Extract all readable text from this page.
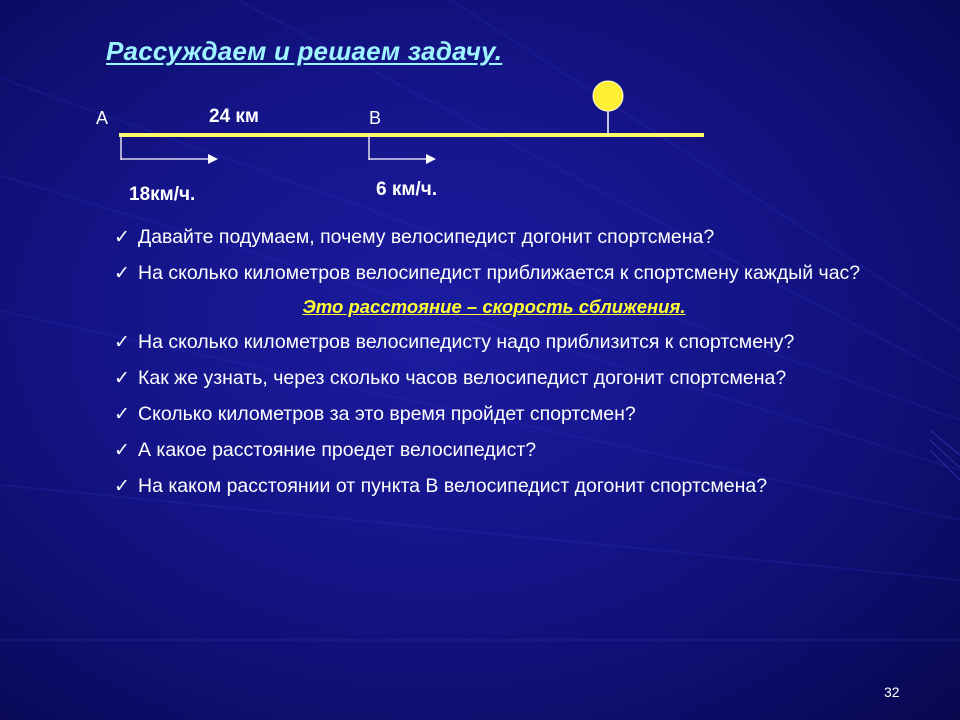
Рассуждаем и решаем задачу.
А	В
24 км
18км/ч.	6 км/ч.
✓ Давайте подумаем, почему велосипедист догонит спортсмена?
✓ На сколько километров велосипедист приближается к спортсмену каждый час?
Это расстояние – скорость сближения.
✓ На сколько километров велосипедисту надо приблизится к спортсмену?
✓ Как же узнать, через сколько часов велосипедист догонит спортсмена?
✓ Сколько километров за это время пройдет спортсмен?
✓ А какое расстояние проедет велосипедист?
✓ На каком расстоянии от пункта В велосипедист догонит спортсмена?
32
